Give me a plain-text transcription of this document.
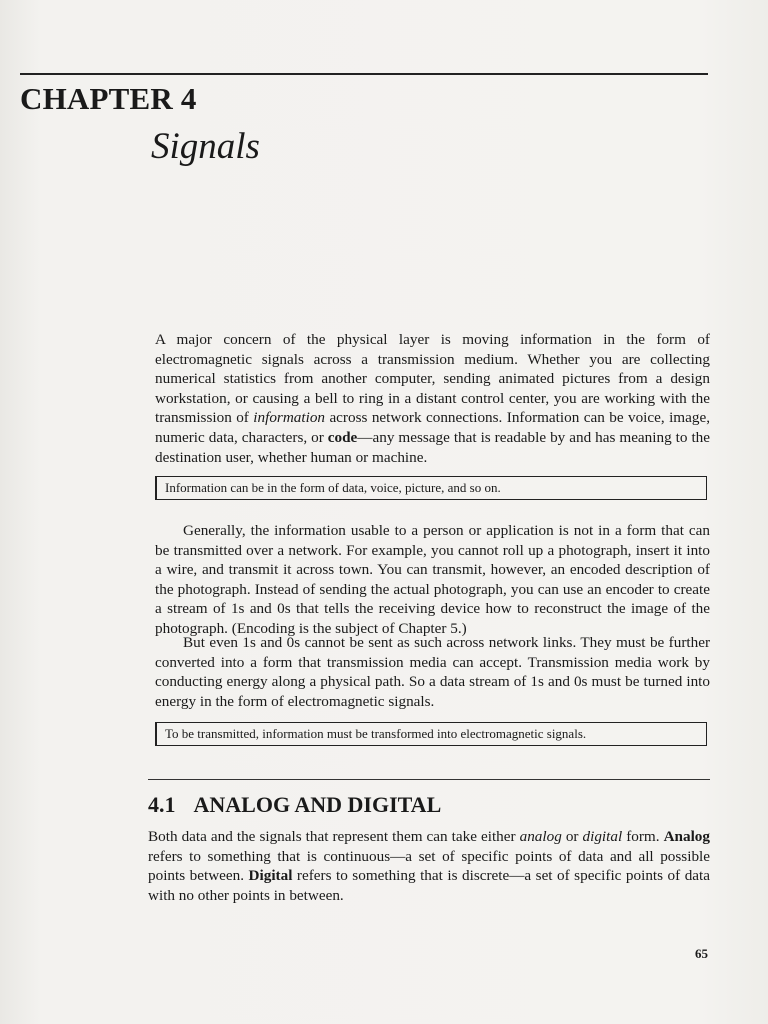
CHAPTER 4
Signals

A major concern of the physical layer is moving information in the form of electromagnetic signals across a transmission medium. Whether you are collecting numerical statistics from another computer, sending animated pictures from a design workstation, or causing a bell to ring in a distant control center, you are working with the transmission of information across network connections. Information can be voice, image, numeric data, characters, or code—any message that is readable by and has meaning to the destination user, whether human or machine.

Information can be in the form of data, voice, picture, and so on.

Generally, the information usable to a person or application is not in a form that can be transmitted over a network. For example, you cannot roll up a photograph, insert it into a wire, and transmit it across town. You can transmit, however, an encoded description of the photograph. Instead of sending the actual photograph, you can use an encoder to create a stream of 1s and 0s that tells the receiving device how to reconstruct the image of the photograph. (Encoding is the subject of Chapter 5.)

But even 1s and 0s cannot be sent as such across network links. They must be further converted into a form that transmission media can accept. Transmission media work by conducting energy along a physical path. So a data stream of 1s and 0s must be turned into energy in the form of electromagnetic signals.

To be transmitted, information must be transformed into electromagnetic signals.
4.1 ANALOG AND DIGITAL

Both data and the signals that represent them can take either analog or digital form. Analog refers to something that is continuous—a set of specific points of data and all possible points between. Digital refers to something that is discrete—a set of specific points of data with no other points in between.

65
